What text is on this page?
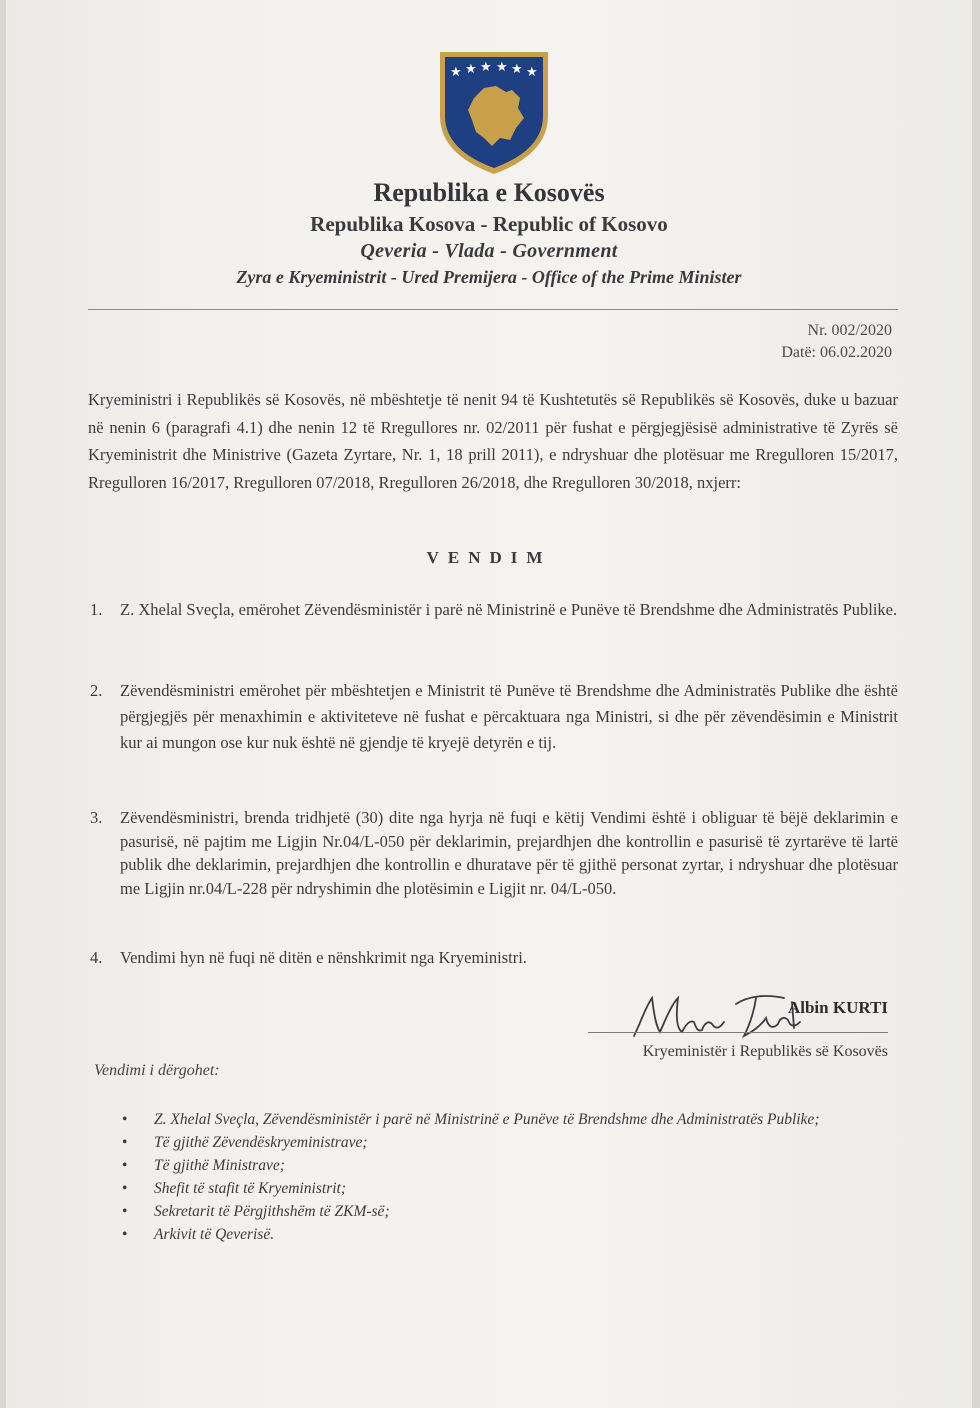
★ ★ ★ ★ ★ ★
Republika e Kosovës
Republika Kosova - Republic of Kosovo
Qeveria - Vlada - Government
Zyra e Kryeministrit - Ured Premijera - Office of the Prime Minister
Nr. 002/2020
Datë: 06.02.2020
Kryeministri i Republikës së Kosovës, në mbështetje të nenit 94 të Kushtetutës së Republikës së Kosovës, duke u bazuar në nenin 6 (paragrafi 4.1) dhe nenin 12 të Rregullores nr. 02/2011 për fushat e përgjegjësisë administrative të Zyrës së Kryeministrit dhe Ministrive (Gazeta Zyrtare, Nr. 1, 18 prill 2011), e ndryshuar dhe plotësuar me Rregulloren 15/2017, Rregulloren 16/2017, Rregulloren 07/2018, Rregulloren 26/2018, dhe Rregulloren 30/2018, nxjerr:
VENDIM
1. Z. Xhelal Sveçla, emërohet Zëvendësministër i parë në Ministrinë e Punëve të Brendshme dhe Administratës Publike.
2. Zëvendësministri emërohet për mbështetjen e Ministrit të Punëve të Brendshme dhe Administratës Publike dhe është përgjegjës për menaxhimin e aktiviteteve në fushat e përcaktuara nga Ministri, si dhe për zëvendësimin e Ministrit kur ai mungon ose kur nuk është në gjendje të kryejë detyrën e tij.
3. Zëvendësministri, brenda tridhjetë (30) dite nga hyrja në fuqi e këtij Vendimi është i obliguar të bëjë deklarimin e pasurisë, në pajtim me Ligjin Nr.04/L-050 për deklarimin, prejardhjen dhe kontrollin e pasurisë të zyrtarëve të lartë publik dhe deklarimin, prejardhjen dhe kontrollin e dhuratave për të gjithë personat zyrtar, i ndryshuar dhe plotësuar me Ligjin nr.04/L-228 për ndryshimin dhe plotësimin e Ligjit nr. 04/L-050.
4. Vendimi hyn në fuqi në ditën e nënshkrimit nga Kryeministri.
Albin KURTI
Kryeministër i Republikës së Kosovës
Vendimi i dërgohet:
• Z. Xhelal Sveçla, Zëvendësministër i parë në Ministrinë e Punëve të Brendshme dhe Administratës Publike;
• Të gjithë Zëvendëskryeministrave;
• Të gjithë Ministrave;
• Shefit të stafit të Kryeministrit;
• Sekretarit të Përgjithshëm të ZKM-së;
• Arkivit të Qeverisë.
